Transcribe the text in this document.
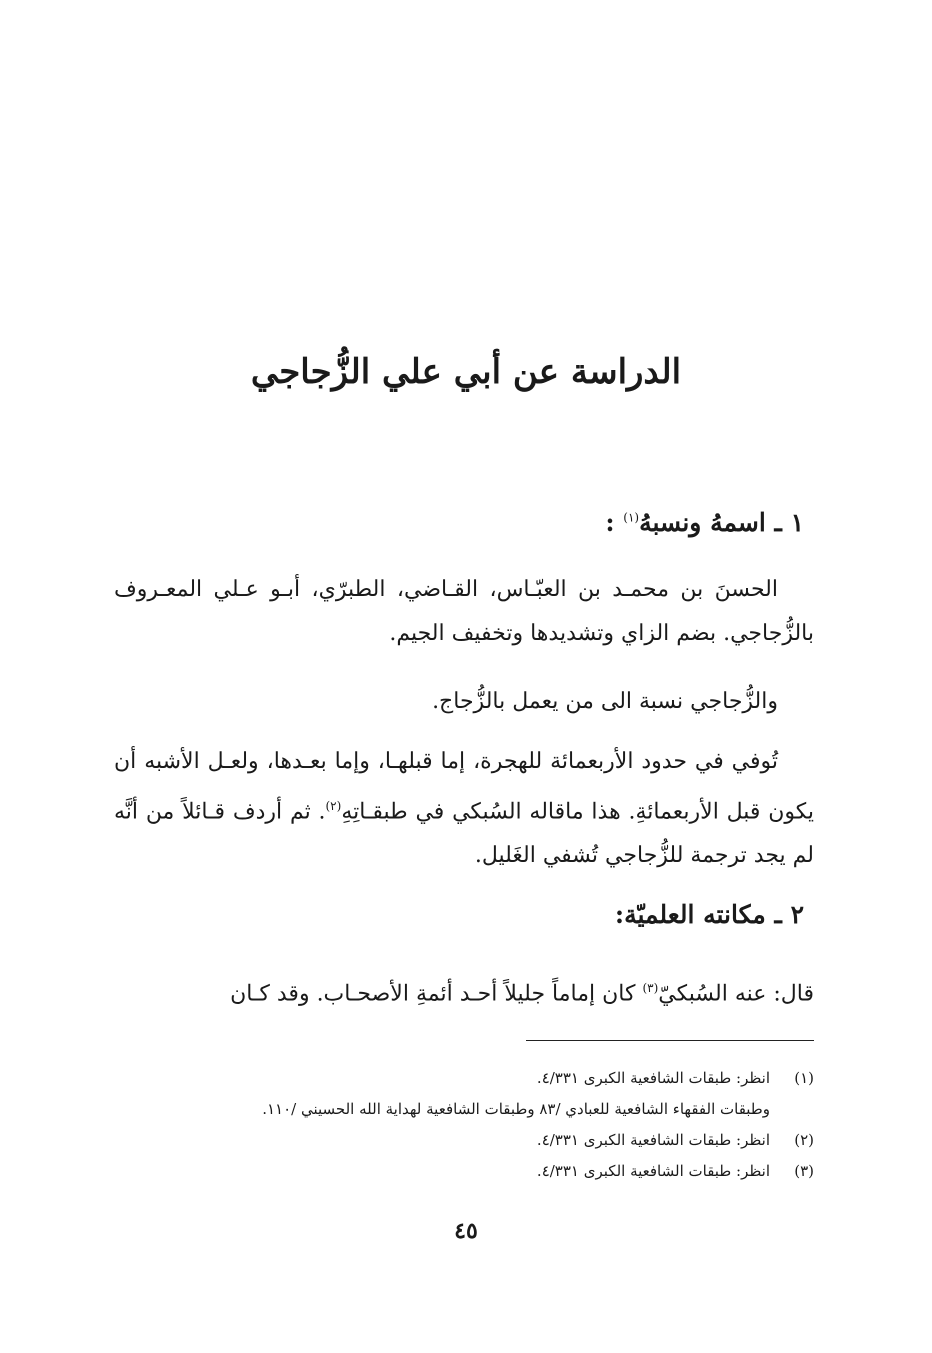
الدراسة عن أبي علي الزُّجاجي
١ ـ اسمهُ ونسبهُ$^{(١)}$ :
الحسنَ بن محمـد بن العبّـاس، القـاضي، الطبرّي، أبـو عـلي المعـروف بالزُّجاجي. بضم الزاي وتشديدها وتخفيف الجيم.
والزُّجاجي نسبة الى من يعمل بالزُّجاج.
تُوفي في حدود الأربعمائة للهجرة، إما قبلهـا، وإما بعـدها، ولعـل الأشبه أن يكون قبل الأربعمائةِ. هذا ماقاله السُبكي في طبقـاتِهِ$^{(٢)}$. ثم أردف قـائلاً من أنَّه لم يجد ترجمة للزُّجاجي تُشفي الغَليل.
٢ ـ مكانته العلميّة:
قال: عنه السُبكيّ$^{(٣)}$ كان إماماً جليلاً أحـد أئمةِ الأصحـاب. وقد كـان
(١)انظر: طبقات الشافعية الكبرى ٤/٣٣١.
وطبقات الفقهاء الشافعية للعبادي /٨٣ وطبقات الشافعية لهداية الله الحسيني /١١٠.
(٢)انظر: طبقات الشافعية الكبرى ٤/٣٣١.
(٣)انظر: طبقات الشافعية الكبرى ٤/٣٣١.
٤٥
